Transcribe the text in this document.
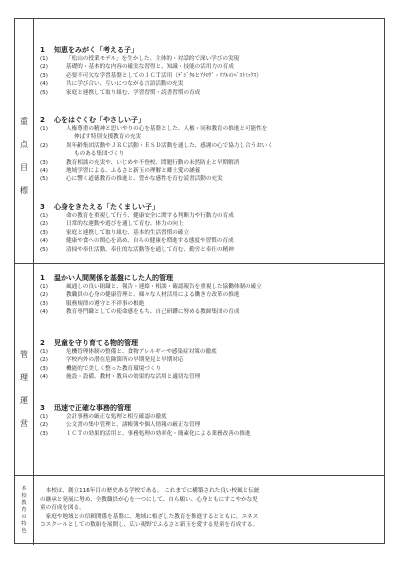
重
点
目
標
1 知恵をみがく「考える子」
(1)	「松山の授業モデル」を生かした、主体的・対話的で深い学びの実現
(2)	基礎的・基本的な内容の確実な習得と、知識・技能の活用力の育成
(3)	必要不可欠な学習基盤としてのＩＣＴ活用（ﾃﾞｼﾞﾀﾙとｱﾅﾛｸﾞ・ﾘｱﾙのﾍﾞｽﾄﾐｯｸｽ）
(4)	共に学び合い、互いにつながる言語活動の充実
(5)	家庭と連携して取り組む、学習習慣・読書習慣の育成
2 心をはぐくむ「やさしい子」
(1)	人権尊重の精神と思いやりの心を基盤とした、人権・同和教育の推進と可能性を
伸ばす特別支援教育の充実
(2)	異年齢集団活動やＪＲＣ活動・ＥＳＤ活動を通した、感謝の心で協力し合うおいく
ものある集団づくり
(3)	教育相談の充実や、いじめや不登校、問題行動の未然防止と早期解消
(4)	地域学習による、ふるさと新玉の理解と郷土愛の涵養
(5)	心に響く道徳教育の推進と、豊かな感性を育む読書活動の充実
3 心身をきたえる「たくましい子」
(1)	命の教育を重視して行う、健康安全に関する判断力や行動力の育成
(2)	日常的な運動や遊びを通して育む、体力の向上
(3)	家庭と連携して取り組む、基本的生活習慣の確立
(4)	健康や食への関心を高め、自らの健康を増進する態度や習慣の育成
(5)	清掃や奉仕活動、奉仕的な活動等を通して育む、勤労と奉仕の精神
管
理
運
営
1 温かい人間関係を基盤にした人的管理
(1)	風通しの良い組織と、報告・連絡・相談・確認報告を重視した協働体制の確立
(2)	教職員の心身の健康管理と、様々な人材活用による働き方改革の推進
(3)	服務規律の遵守と不祥事の根絶
(4)	教育専門職としての使命感をもち、自己研鑽に努める教師集団の育成
2 児童を守り育てる物的管理
(1)	危機管理体制の整備と、食物アレルギーや感染症対策の徹底
(2)	学校内外の潜在危険箇所の早期発見と早期対応
(3)	機能的で美しく整った教育環境づくり
(4)	施設・設備、教材・教具の効果的な活用と適切な管理
3 迅速で正確な事務的管理
(1)	会計事務の厳正な処理と相互確認の徹底
(2)	公文書の集中管理と、諸帳簿や個人情報の厳正な管理
(3)	ＩＣＴの効果的活用と、事務処理の効率化・簡素化による業務改善の推進
本
校
教
育
の
特
色
　本校は、創立116年目の歴史ある学校である。 これまでに構築された良い校風と伝統
の継承と発展に努め、全教職員が心を一つにして、自ら願い、心身ともにすこやかな児
童の育成を図る。
　家庭や地域との信頼関係を基盤に、地域に根ざした教育を推進するとともに、ユネス
コスクールとしての数組を展開し、広い視野でふるさと新玉を愛する児童を育成する。
